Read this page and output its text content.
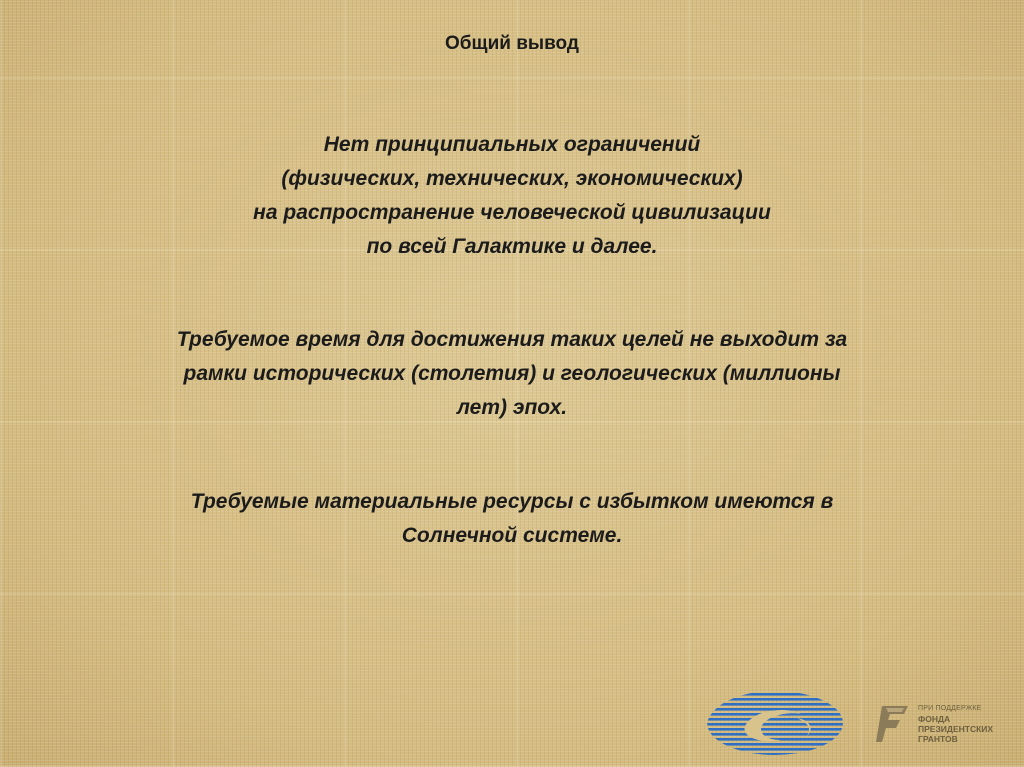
Общий вывод
Нет принципиальных ограничений
(физических, технических, экономических)
на распространение человеческой цивилизации
по всей Галактике и далее.
Требуемое время для достижения таких целей не выходит за
рамки исторических (столетия) и геологических (миллионы
лет) эпох.
Требуемые материальные ресурсы с избытком имеются в
Солнечной системе.
ПРИ ПОДДЕРЖКЕ
ФОНДА
ПРЕЗИДЕНТСКИХ
ГРАНТОВ
